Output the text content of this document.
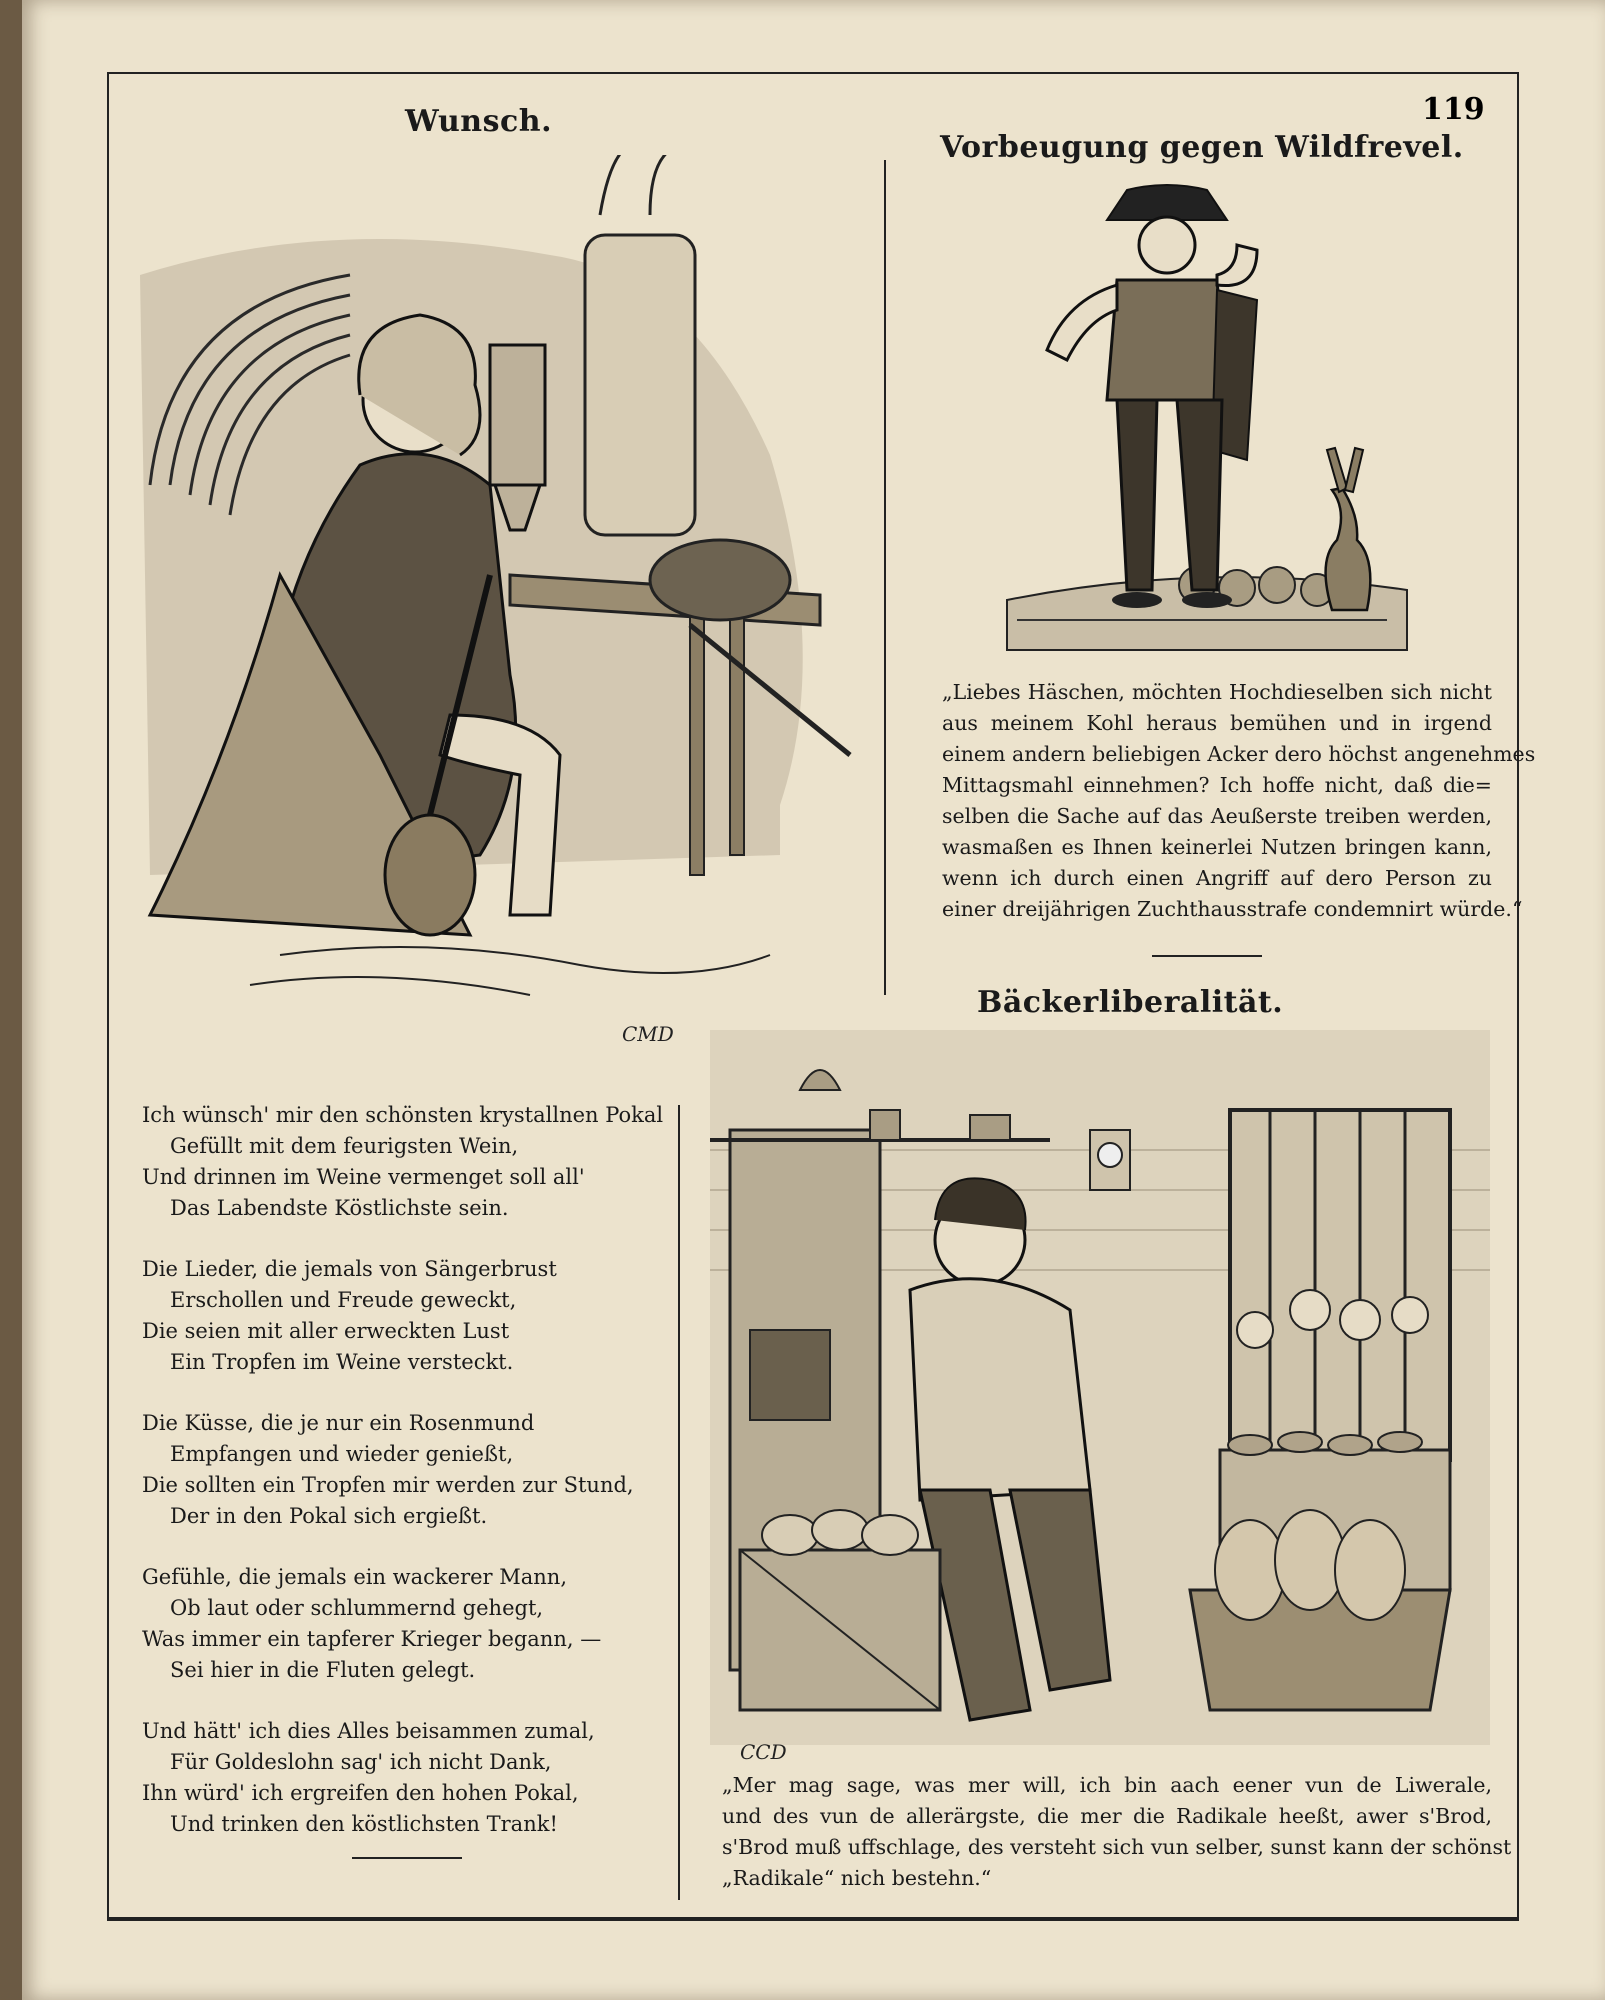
119
Wunsch.
CMD
Ich wünsch' mir den schönsten krystallnen Pokal
Gefüllt mit dem feurigsten Wein,
Und drinnen im Weine vermenget soll all'
Das Labendste Köstlichste sein.
Die Lieder, die jemals von Sängerbrust
Erschollen und Freude geweckt,
Die seien mit aller erweckten Lust
Ein Tropfen im Weine versteckt.
Die Küsse, die je nur ein Rosenmund
Empfangen und wieder genießt,
Die sollten ein Tropfen mir werden zur Stund,
Der in den Pokal sich ergießt.
Gefühle, die jemals ein wackerer Mann,
Ob laut oder schlummernd gehegt,
Was immer ein tapferer Krieger begann, —
Sei hier in die Fluten gelegt.
Und hätt' ich dies Alles beisammen zumal,
Für Goldeslohn sag' ich nicht Dank,
Ihn würd' ich ergreifen den hohen Pokal,
Und trinken den köstlichsten Trank!
Vorbeugung gegen Wildfrevel.
„Liebes Häschen, möchten Hochdieselben sich nicht
aus meinem Kohl heraus bemühen und in irgend
einem andern beliebigen Acker dero höchst angenehmes
Mittagsmahl einnehmen? Ich hoffe nicht, daß die=
selben die Sache auf das Aeußerste treiben werden,
wasmaßen es Ihnen keinerlei Nutzen bringen kann,
wenn ich durch einen Angriff auf dero Person zu
einer dreijährigen Zuchthausstrafe condemnirt würde.“
Bäckerliberalität.
CCD
„Mer mag sage, was mer will, ich bin aach eener vun de Liwerale,
und des vun de allerärgste, die mer die Radikale heeßt, awer s'Brod,
s'Brod muß uffschlage, des versteht sich vun selber, sunst kann der schönst
„Radikale“ nich bestehn.“
